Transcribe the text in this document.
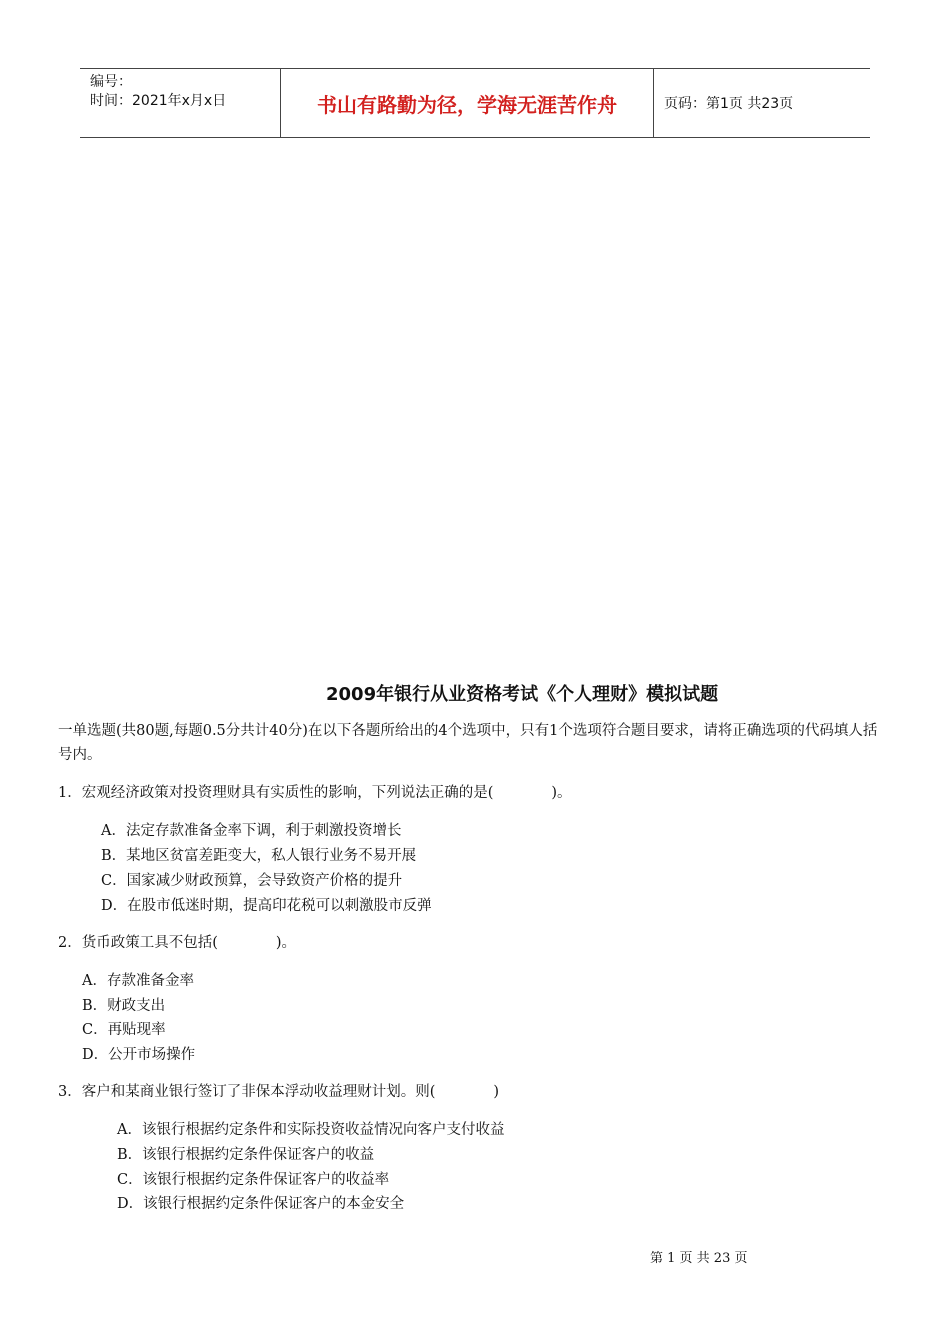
编号：
时间：2021年x月x日	书山有路勤为径，学海无涯苦作舟	页码：第1页 共23页
2009年银行从业资格考试《个人理财》模拟试题
一单选题(共80题,每题0.5分共计40分)在以下各题所给出的4个选项中，只有1个选项符合题目要求，请将正确选项的代码填人括号内。
1．宏观经济政策对投资理财具有实质性的影响，下列说法正确的是(　　　　)。
A．法定存款准备金率下调，利于刺激投资增长
B．某地区贫富差距变大，私人银行业务不易开展
C．国家减少财政预算，会导致资产价格的提升
D．在股市低迷时期，提高印花税可以刺激股市反弹
2．货币政策工具不包括(　　　　)。
A．存款准备金率
B．财政支出
C．再贴现率
D．公开市场操作
3．客户和某商业银行签订了非保本浮动收益理财计划。则(　　　　)
A．该银行根据约定条件和实际投资收益情况向客户支付收益
B．该银行根据约定条件保证客户的收益
C．该银行根据约定条件保证客户的收益率
D．该银行根据约定条件保证客户的本金安全
第 1 页 共 23 页
